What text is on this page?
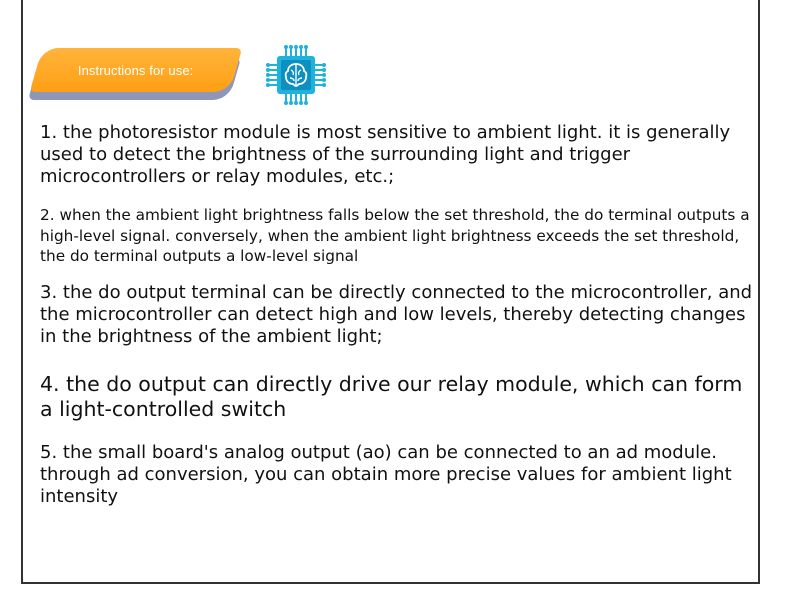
Instructions for use:

1. the photoresistor module is most sensitive to ambient light. it is generally used to detect the brightness of the surrounding light and trigger microcontrollers or relay modules, etc.;

2. when the ambient light brightness falls below the set threshold, the do terminal outputs a high-level signal. conversely, when the ambient light brightness exceeds the set threshold, the do terminal outputs a low-level signal

3. the do output terminal can be directly connected to the microcontroller, and the microcontroller can detect high and low levels, thereby detecting changes in the brightness of the ambient light;

4. the do output can directly drive our relay module, which can form a light-controlled switch

5. the small board's analog output (ao) can be connected to an ad module. through ad conversion, you can obtain more precise values for ambient light intensity
